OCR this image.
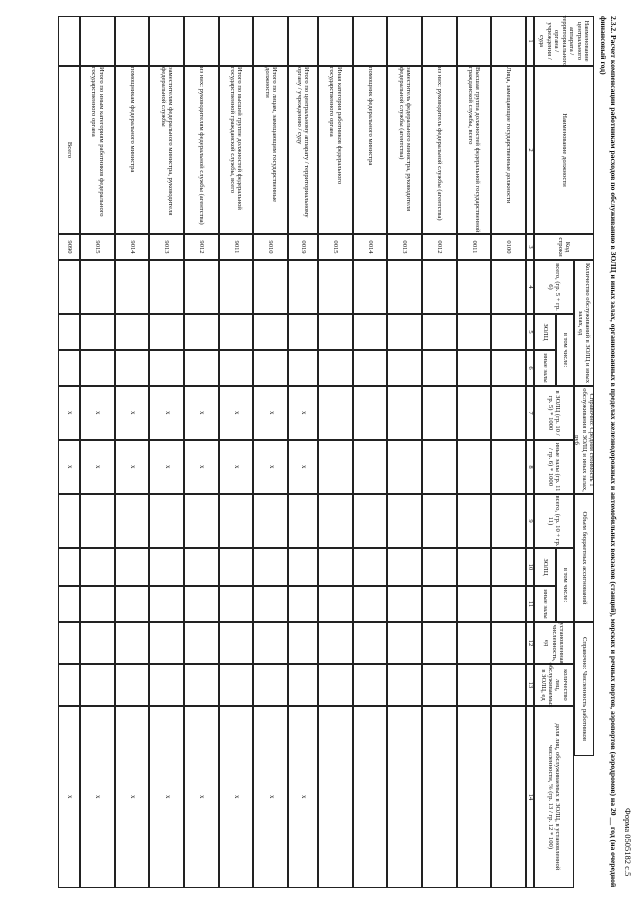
Форма 0505182 с.5
2.3.2. Расчет компенсации работникам расходов по обслуживанию в ЗОЛЦ и иных залах, организованных в пределах железнодорожных и автомобильных вокзалов (станций), морских и речных портов, аэропортов (аэродромов) на 20 __ год (на очередной
финансовый год)
Наименование центрального аппарата / территориального органа / учреждения / суда
Наименование должности
Код строки
Количество обслуживаний в ЗОЛЦ и иных залах, ед
всего, (гр. 5 + гр. 6)
в том числе:
ЗОЛЦ
иные залы
Справочно: Средняя стоимость 1 обслуживания в ЗОЛЦ и иных залах, руб
в ЗОЛЦ (гр. 10 / гр. 5) * 1000
иные залы (гр. 11 / гр. 6) * 1000
Объем бюджетных ассигнований
всего, (гр. 10 + гр. 11)
в том числе:
ЗОЛЦ
иные залы
Справочно: Численность работников
установленная численность, ед
количество лиц, обслуживаемых в ЗОЛЦ, ед
доля лиц, обслуживаемых в ЗОЛЦ, в установленной численности, % (гр. 13 / гр. 12 * 100)
1
2
3
4
5
6
7
8
9
10
11
12
13
14
Лица, замещающие государственные должности
0100
Высшая группа должностей федеральной государственной гражданской службы, всего
0011
из них: руководитель федеральной службы (агентства)
0012
заместитель федерального министра, руководителя федеральной службы (агентства)
0013
помощник федерального министра
0014
Иная категория работников федерального государственного органа
0015
Итого по центральному аппарату / территориальному органу / учреждению / суду
0019
x
x
x
Итого по лицам, замещающим государственные должности
9010
x
x
x
Итого по высшей группе должностей федеральной государственной гражданской службы, всего
9011
x
x
x
из них: руководителям федеральной службы (агентства)
9012
x
x
x
заместителям федерального министра, руководителя федеральной службы
9013
x
x
x
помощникам федерального министра
9014
x
x
x
Итого по иным категориям работников федерального государственного органа
9015
x
x
x
Всего
9090
x
x
x
